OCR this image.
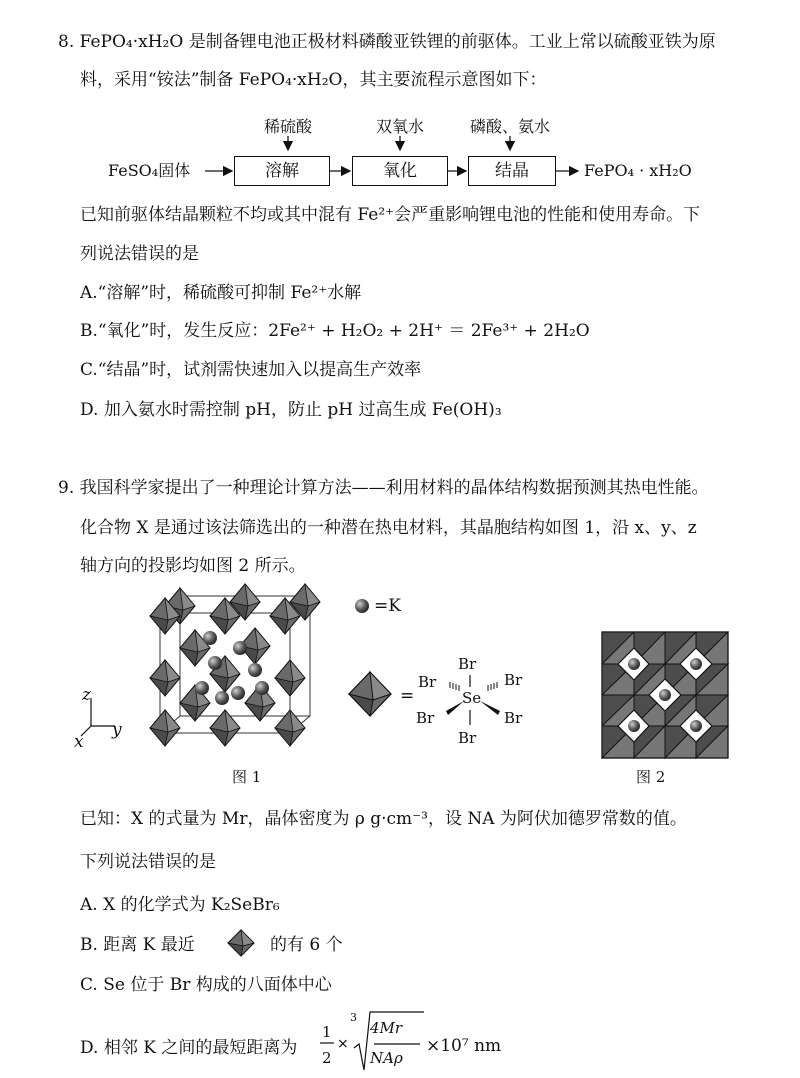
8. FePO₄·xH₂O 是制备锂电池正极材料磷酸亚铁锂的前驱体。工业上常以硫酸亚铁为原
料，采用“铵法”制备 FePO₄·xH₂O，其主要流程示意图如下：
稀硫酸	双氧水	磷酸、氨水
FeSO₄固体	溶解	氧化	结晶	FePO₄ · xH₂O
已知前驱体结晶颗粒不均或其中混有 Fe²⁺会严重影响锂电池的性能和使用寿命。下
列说法错误的是
A.“溶解”时，稀硫酸可抑制 Fe²⁺水解
B.“氧化”时，发生反应：2Fe²⁺ + H₂O₂ + 2H⁺ ＝ 2Fe³⁺ + 2H₂O
C.“结晶”时，试剂需快速加入以提高生产效率
D. 加入氨水时需控制 pH，防止 pH 过高生成 Fe(OH)₃
9. 我国科学家提出了一种理论计算方法——利用材料的晶体结构数据预测其热电性能。
化合物 X 是通过该法筛选出的一种潜在热电材料，其晶胞结构如图 1，沿 x、y、z
轴方向的投影均如图 2 所示。
z
y
x
图 1
=K
=
Br
Br	Br
Se
Br	Br
Br
图 2
已知：X 的式量为 Mr，晶体密度为 ρ g·cm⁻³，设 NA 为阿伏加德罗常数的值。
下列说法错误的是
A. X 的化学式为 K₂SeBr₆
B. 距离 K 最近	的有 6 个
C. Se 位于 Br 构成的八面体中心
D. 相邻 K 之间的最短距离为
1
2
×
3
4Mr
NAρ
×10⁷ nm
